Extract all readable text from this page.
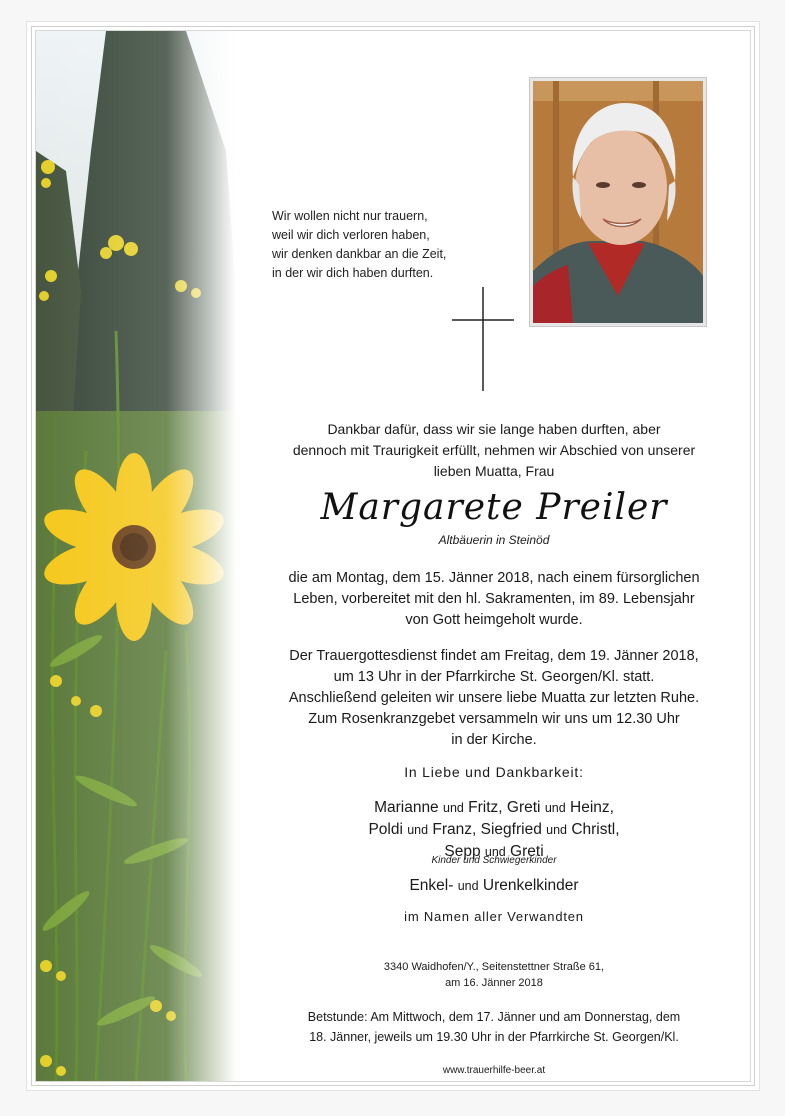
Wir wollen nicht nur trauern,
weil wir dich verloren haben,
wir denken dankbar an die Zeit,
in der wir dich haben durften.
Dankbar dafür, dass wir sie lange haben durften, aber
dennoch mit Traurigkeit erfüllt, nehmen wir Abschied von unserer
lieben Muatta, Frau
Margarete Preiler
Altbäuerin in Steinöd
die am Montag, dem 15. Jänner 2018, nach einem fürsorglichen
Leben, vorbereitet mit den hl. Sakramenten, im 89. Lebensjahr
von Gott heimgeholt wurde.
Der Trauergottesdienst findet am Freitag, dem 19. Jänner 2018,
um 13 Uhr in der Pfarrkirche St. Georgen/Kl. statt.
Anschließend geleiten wir unsere liebe Muatta zur letzten Ruhe.
Zum Rosenkranzgebet versammeln wir uns um 12.30 Uhr
in der Kirche.
In Liebe und Dankbarkeit:
Marianne und Fritz, Greti und Heinz,
Poldi und Franz, Siegfried und Christl,
Sepp und Greti
Kinder und Schwiegerkinder
Enkel- und Urenkelkinder
im Namen aller Verwandten
3340 Waidhofen/Y., Seitenstettner Straße 61,
am 16. Jänner 2018
Betstunde: Am Mittwoch, dem 17. Jänner und am Donnerstag, dem
18. Jänner, jeweils um 19.30 Uhr in der Pfarrkirche St. Georgen/Kl.
www.trauerhilfe-beer.at
